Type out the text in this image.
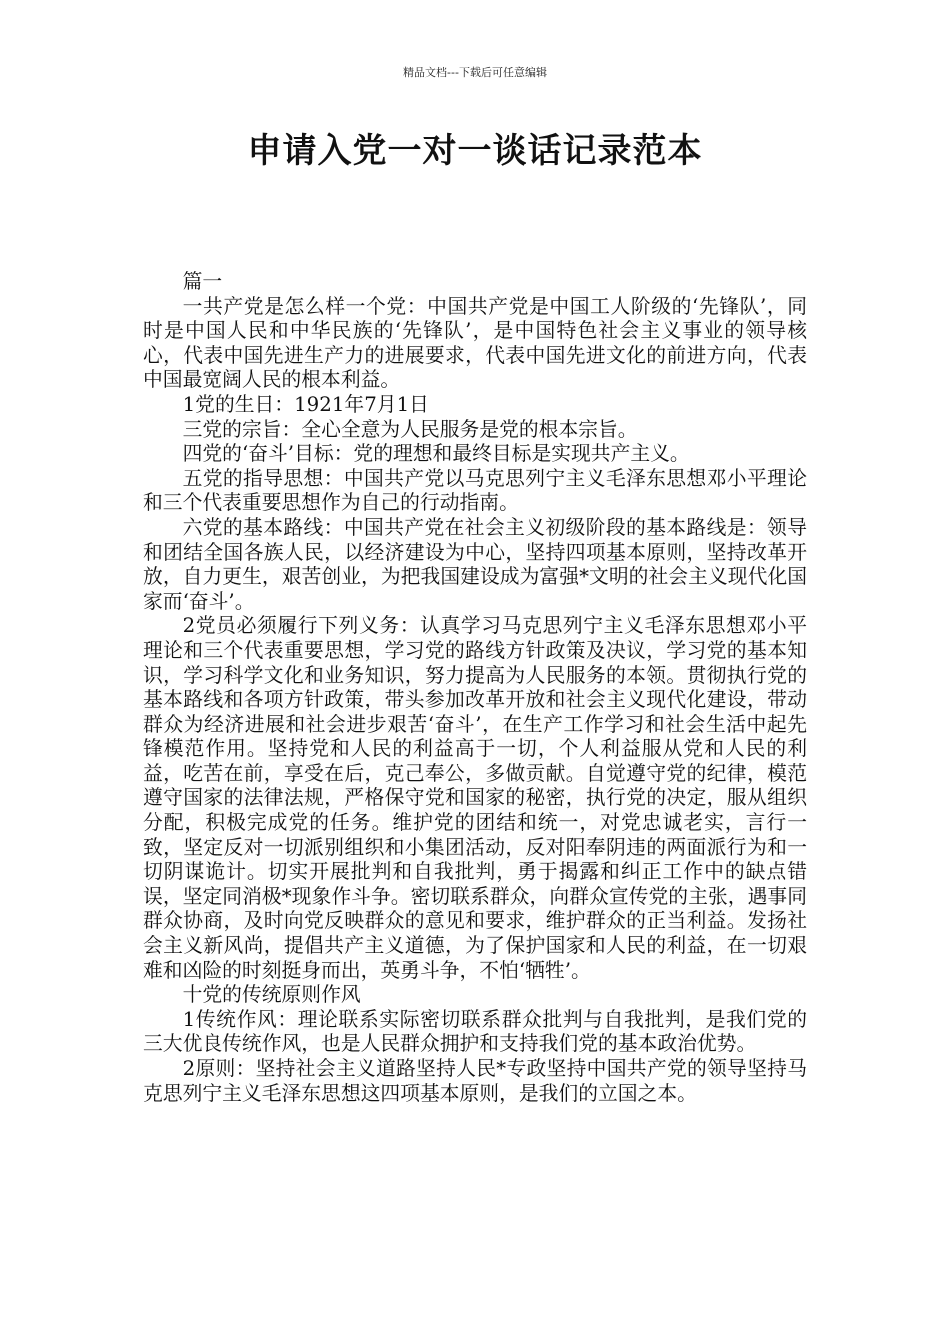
精品文档---下载后可任意编辑
申请入党一对一谈话记录范本

篇一

一共产党是怎么样一个党：中国共产党是中国工人阶级的‘先锋队’，同时是中国人民和中华民族的‘先锋队’，是中国特色社会主义事业的领导核心，代表中国先进生产力的进展要求，代表中国先进文化的前进方向，代表中国最宽阔人民的根本利益。

1党的生日：1921年7月1日

三党的宗旨：全心全意为人民服务是党的根本宗旨。

四党的‘奋斗’目标：党的理想和最终目标是实现共产主义。

五党的指导思想：中国共产党以马克思列宁主义毛泽东思想邓小平理论和三个代表重要思想作为自己的行动指南。

六党的基本路线：中国共产党在社会主义初级阶段的基本路线是：领导和团结全国各族人民，以经济建设为中心，坚持四项基本原则，坚持改革开放，自力更生，艰苦创业，为把我国建设成为富强*文明的社会主义现代化国家而‘奋斗’。

2党员必须履行下列义务：认真学习马克思列宁主义毛泽东思想邓小平理论和三个代表重要思想，学习党的路线方针政策及决议，学习党的基本知识，学习科学文化和业务知识，努力提高为人民服务的本领。贯彻执行党的基本路线和各项方针政策，带头参加改革开放和社会主义现代化建设，带动群众为经济进展和社会进步艰苦‘奋斗’，在生产工作学习和社会生活中起先锋模范作用。坚持党和人民的利益高于一切，个人利益服从党和人民的利益，吃苦在前，享受在后，克己奉公，多做贡献。自觉遵守党的纪律，模范遵守国家的法律法规，严格保守党和国家的秘密，执行党的决定，服从组织分配，积极完成党的任务。维护党的团结和统一，对党忠诚老实，言行一致，坚定反对一切派别组织和小集团活动，反对阳奉阴违的两面派行为和一切阴谋诡计。切实开展批判和自我批判，勇于揭露和纠正工作中的缺点错误，坚定同消极*现象作斗争。密切联系群众，向群众宣传党的主张，遇事同群众协商，及时向党反映群众的意见和要求，维护群众的正当利益。发扬社会主义新风尚，提倡共产主义道德，为了保护国家和人民的利益，在一切艰难和凶险的时刻挺身而出，英勇斗争，不怕‘牺牲’。

十党的传统原则作风

1传统作风：理论联系实际密切联系群众批判与自我批判，是我们党的三大优良传统作风，也是人民群众拥护和支持我们党的基本政治优势。

2原则：坚持社会主义道路坚持人民*专政坚持中国共产党的领导坚持马克思列宁主义毛泽东思想这四项基本原则，是我们的立国之本。
